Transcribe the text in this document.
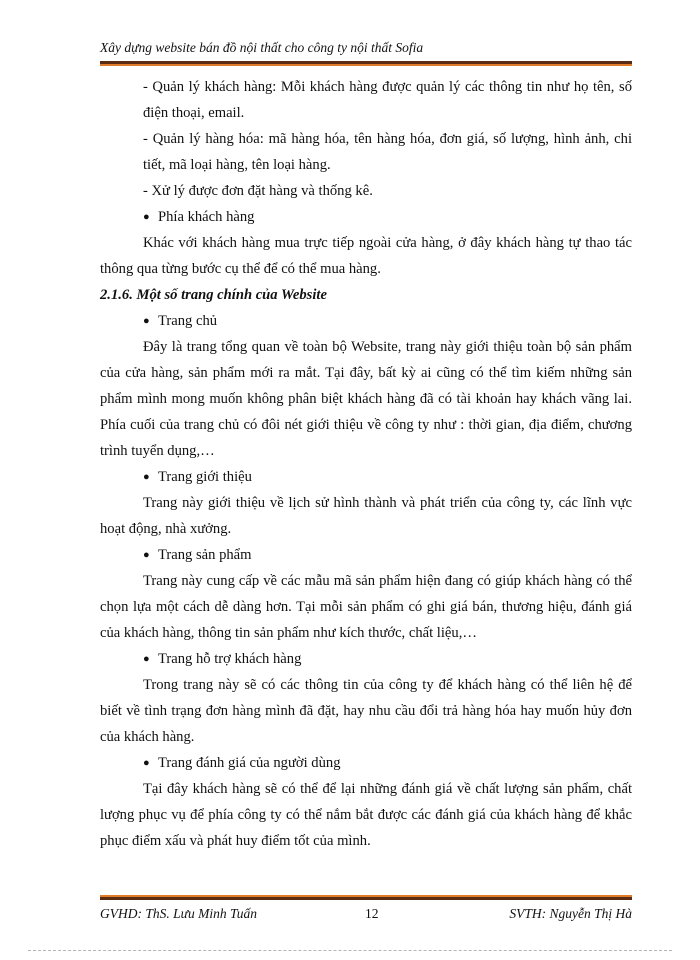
Xây dựng website bán đồ nội thất cho công ty nội thất Sofia

- Quản lý khách hàng: Mỗi khách hàng được quản lý các thông tin như họ tên, số điện thoại, email.

- Quản lý hàng hóa: mã hàng hóa, tên hàng hóa, đơn giá, số lượng, hình ảnh, chi tiết, mã loại hàng, tên loại hàng.

- Xử lý được đơn đặt hàng và thống kê.

● Phía khách hàng

Khác với khách hàng mua trực tiếp ngoài cửa hàng, ở đây khách hàng tự thao tác thông qua từng bước cụ thể để có thể mua hàng.

2.1.6. Một số trang chính của Website

● Trang chủ

Đây là trang tổng quan về toàn bộ Website, trang này giới thiệu toàn bộ sản phẩm của cửa hàng, sản phẩm mới ra mắt. Tại đây, bất kỳ ai cũng có thể tìm kiếm những sản phẩm mình mong muốn không phân biệt khách hàng đã có tài khoản hay khách vãng lai. Phía cuối của trang chủ có đôi nét giới thiệu về công ty như : thời gian, địa điểm, chương trình tuyển dụng,…

● Trang giới thiệu

Trang này giới thiệu về lịch sử hình thành và phát triển của công ty, các lĩnh vực hoạt động, nhà xưởng.

● Trang sản phẩm

Trang này cung cấp về các mẫu mã sản phẩm hiện đang có giúp khách hàng có thể chọn lựa một cách dễ dàng hơn. Tại mỗi sản phẩm có ghi giá bán, thương hiệu, đánh giá của khách hàng, thông tin sản phẩm như kích thước, chất liệu,…

● Trang hỗ trợ khách hàng

Trong trang này sẽ có các thông tin của công ty để khách hàng có thể liên hệ để biết về tình trạng đơn hàng mình đã đặt, hay nhu cầu đổi trả hàng hóa hay muốn hủy đơn của khách hàng.

● Trang đánh giá của người dùng

Tại đây khách hàng sẽ có thể để lại những đánh giá về chất lượng sản phẩm, chất lượng phục vụ để phía công ty có thể nắm bắt được các đánh giá của khách hàng để khắc phục điểm xấu và phát huy điểm tốt của mình.

GVHD: ThS. Lưu Minh Tuấn	12	SVTH: Nguyễn Thị Hà
